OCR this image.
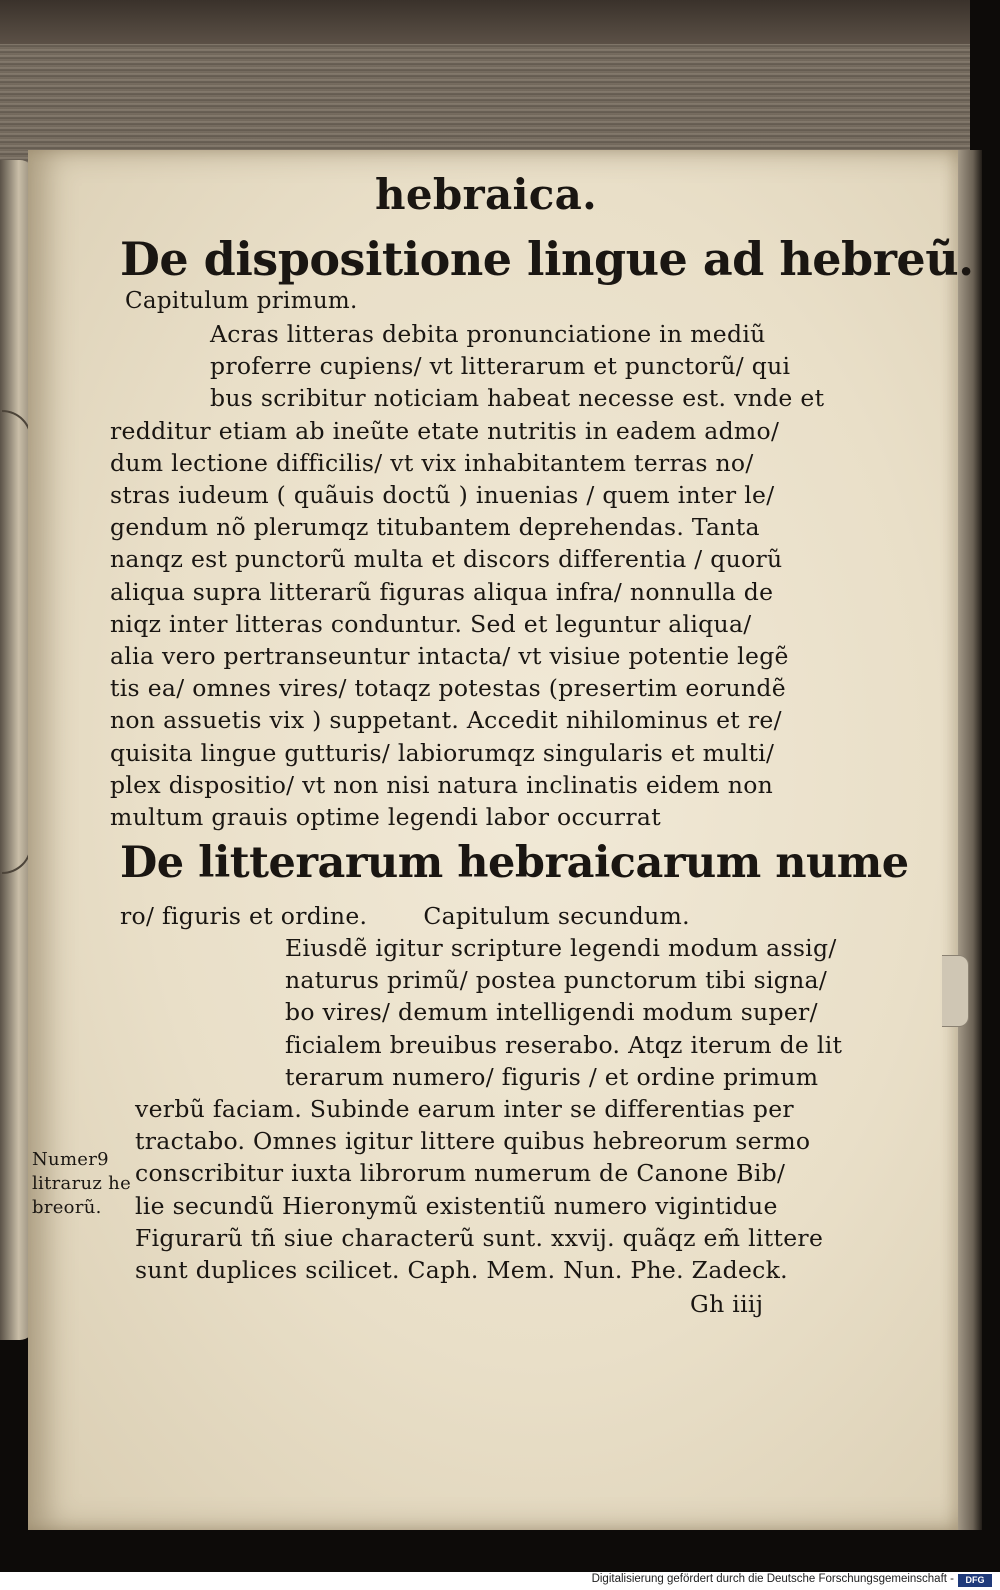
hebraica.
De dispositione lingue ad hebreũ.
Capitulum primum.
Acras litteras debita pronunciatione in mediũ
proferre cupiens/ vt litterarum et punctorũ/ qui
bus scribitur noticiam habeat necesse est. vnde et
redditur etiam ab ineũte etate nutritis in eadem admo/
dum lectione difficilis/ vt vix inhabitantem terras no/
stras iudeum ( quãuis doctũ ) inuenias / quem inter le/
gendum nõ plerumqz titubantem deprehendas. Tanta
nanqz est punctorũ multa et discors differentia / quorũ
aliqua supra litterarũ figuras aliqua infra/ nonnulla de
niqz inter litteras conduntur. Sed et leguntur aliqua/
alia vero pertranseuntur intacta/ vt visiue potentie legẽ
tis ea/ omnes vires/ totaqz potestas (presertim eorundẽ
non assuetis vix ) suppetant. Accedit nihilominus et re/
quisita lingue gutturis/ labiorumqz singularis et multi/
plex dispositio/ vt non nisi natura inclinatis eidem non
multum grauis optime legendi labor occurrat
De litterarum hebraicarum nume
ro/ figuris et ordine. Capitulum secundum.
Eiusdẽ igitur scripture legendi modum assig/
naturus primũ/ postea punctorum tibi signa/
bo vires/ demum intelligendi modum super/
ficialem breuibus reserabo. Atqz iterum de lit
terarum numero/ figuris / et ordine primum
verbũ faciam. Subinde earum inter se differentias per
tractabo. Omnes igitur littere quibus hebreorum sermo
conscribitur iuxta librorum numerum de Canone Bib/
lie secundũ Hieronymũ existentiũ numero vigintidue
Figurarũ tñ siue characterũ sunt. xxvij. quãqz em̃ littere
sunt duplices scilicet. Caph. Mem. Nun. Phe. Zadeck.
Numer9
litraruz he
breorũ.
Gh iiij
Digitalisierung gefördert durch die Deutsche Forschungsgemeinschaft -	DFG
